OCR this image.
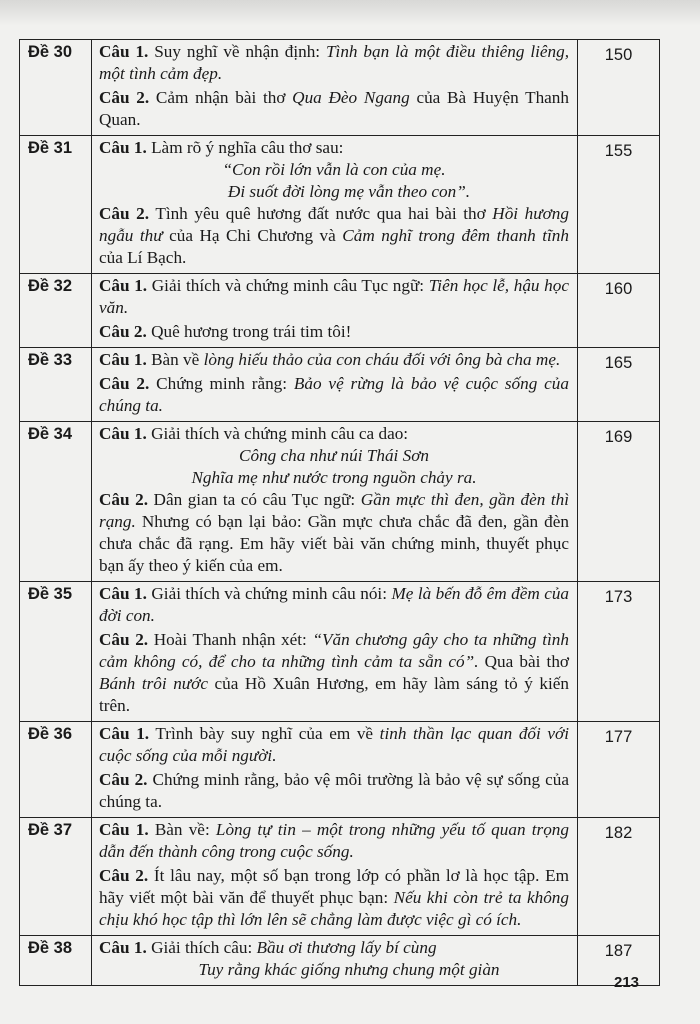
Đề 30	Câu 1. Suy nghĩ về nhận định: Tình bạn là một điều thiêng liêng, một tình cảm đẹp.

Câu 2. Cảm nhận bài thơ Qua Đèo Ngang của Bà Huyện Thanh Quan.	150
Đề 31	Câu 1. Làm rõ ý nghĩa câu thơ sau:

“Con rồi lớn vẫn là con của mẹ.

Đi suốt đời lòng mẹ vẫn theo con”.

Câu 2. Tình yêu quê hương đất nước qua hai bài thơ Hồi hương ngẫu thư của Hạ Chi Chương và Cảm nghĩ trong đêm thanh tĩnh của Lí Bạch.	155
Đề 32	Câu 1. Giải thích và chứng minh câu Tục ngữ: Tiên học lễ, hậu học văn.

Câu 2. Quê hương trong trái tim tôi!	160
Đề 33	Câu 1. Bàn về lòng hiếu thảo của con cháu đối với ông bà cha mẹ.

Câu 2. Chứng minh rằng: Bảo vệ rừng là bảo vệ cuộc sống của chúng ta.	165
Đề 34	Câu 1. Giải thích và chứng minh câu ca dao:

Công cha như núi Thái Sơn

Nghĩa mẹ như nước trong nguồn chảy ra.

Câu 2. Dân gian ta có câu Tục ngữ: Gần mực thì đen, gần đèn thì rạng. Nhưng có bạn lại bảo: Gần mực chưa chắc đã đen, gần đèn chưa chắc đã rạng. Em hãy viết bài văn chứng minh, thuyết phục bạn ấy theo ý kiến của em.	169
Đề 35	Câu 1. Giải thích và chứng minh câu nói: Mẹ là bến đỗ êm đềm của đời con.

Câu 2. Hoài Thanh nhận xét: “Văn chương gây cho ta những tình cảm không có, để cho ta những tình cảm ta sẵn có”. Qua bài thơ Bánh trôi nước của Hồ Xuân Hương, em hãy làm sáng tỏ ý kiến trên.	173
Đề 36	Câu 1. Trình bày suy nghĩ của em về tinh thần lạc quan đối với cuộc sống của mỗi người.

Câu 2. Chứng minh rằng, bảo vệ môi trường là bảo vệ sự sống của chúng ta.	177
Đề 37	Câu 1. Bàn về: Lòng tự tin – một trong những yếu tố quan trọng dẫn đến thành công trong cuộc sống.

Câu 2. Ít lâu nay, một số bạn trong lớp có phần lơ là học tập. Em hãy viết một bài văn để thuyết phục bạn: Nếu khi còn trẻ ta không chịu khó học tập thì lớn lên sẽ chẳng làm được việc gì có ích.	182
Đề 38	Câu 1. Giải thích câu: Bầu ơi thương lấy bí cùng

Tuy rằng khác giống nhưng chung một giàn	187
213
